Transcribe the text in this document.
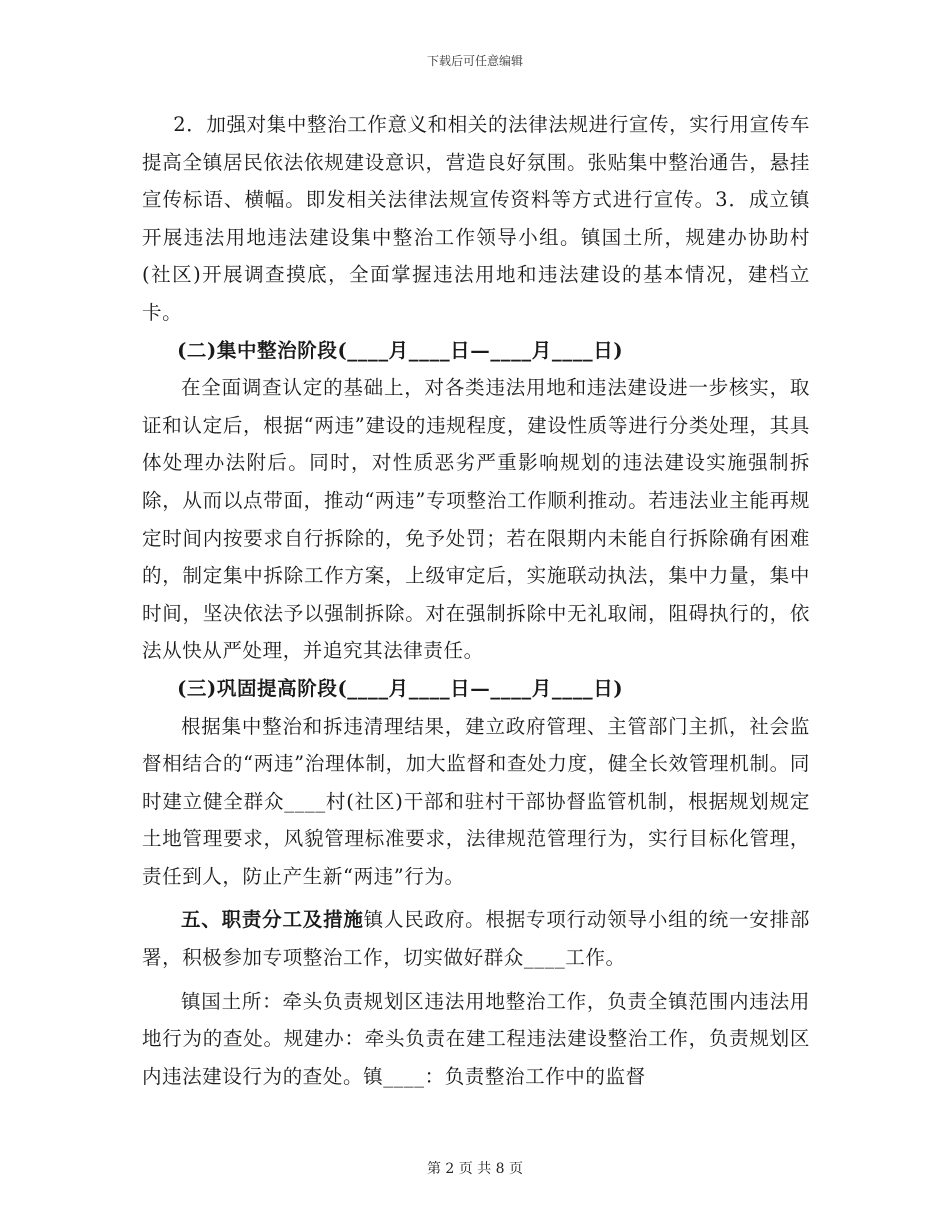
下载后可任意编辑

2．加强对集中整治工作意义和相关的法律法规进行宣传，实行用宣传车提高全镇居民依法依规建设意识，营造良好氛围。张贴集中整治通告，悬挂宣传标语、横幅。即发相关法律法规宣传资料等方式进行宣传。3．成立镇开展违法用地违法建设集中整治工作领导小组。镇国土所，规建办协助村(社区)开展调查摸底，全面掌握违法用地和违法建设的基本情况，建档立卡。

(二)集中整治阶段(____月____日—____月____日)

在全面调查认定的基础上，对各类违法用地和违法建设进一步核实，取证和认定后，根据“两违”建设的违规程度，建设性质等进行分类处理，其具体处理办法附后。同时，对性质恶劣严重影响规划的违法建设实施强制拆除，从而以点带面，推动“两违”专项整治工作顺利推动。若违法业主能再规定时间内按要求自行拆除的，免予处罚；若在限期内未能自行拆除确有困难的，制定集中拆除工作方案，上级审定后，实施联动执法，集中力量，集中时间，坚决依法予以强制拆除。对在强制拆除中无礼取闹，阻碍执行的，依法从快从严处理，并追究其法律责任。

(三)巩固提高阶段(____月____日—____月____日)

根据集中整治和拆违清理结果，建立政府管理、主管部门主抓，社会监督相结合的“两违”治理体制，加大监督和查处力度，健全长效管理机制。同时建立健全群众____村(社区)干部和驻村干部协督监管机制，根据规划规定土地管理要求，风貌管理标准要求，法律规范管理行为，实行目标化管理，责任到人，防止产生新“两违”行为。

五、职责分工及措施镇人民政府。根据专项行动领导小组的统一安排部署，积极参加专项整治工作，切实做好群众____工作。

镇国土所：牵头负责规划区违法用地整治工作，负责全镇范围内违法用地行为的查处。规建办：牵头负责在建工程违法建设整治工作，负责规划区内违法建设行为的查处。镇____：负责整治工作中的监督

第 2 页 共 8 页
